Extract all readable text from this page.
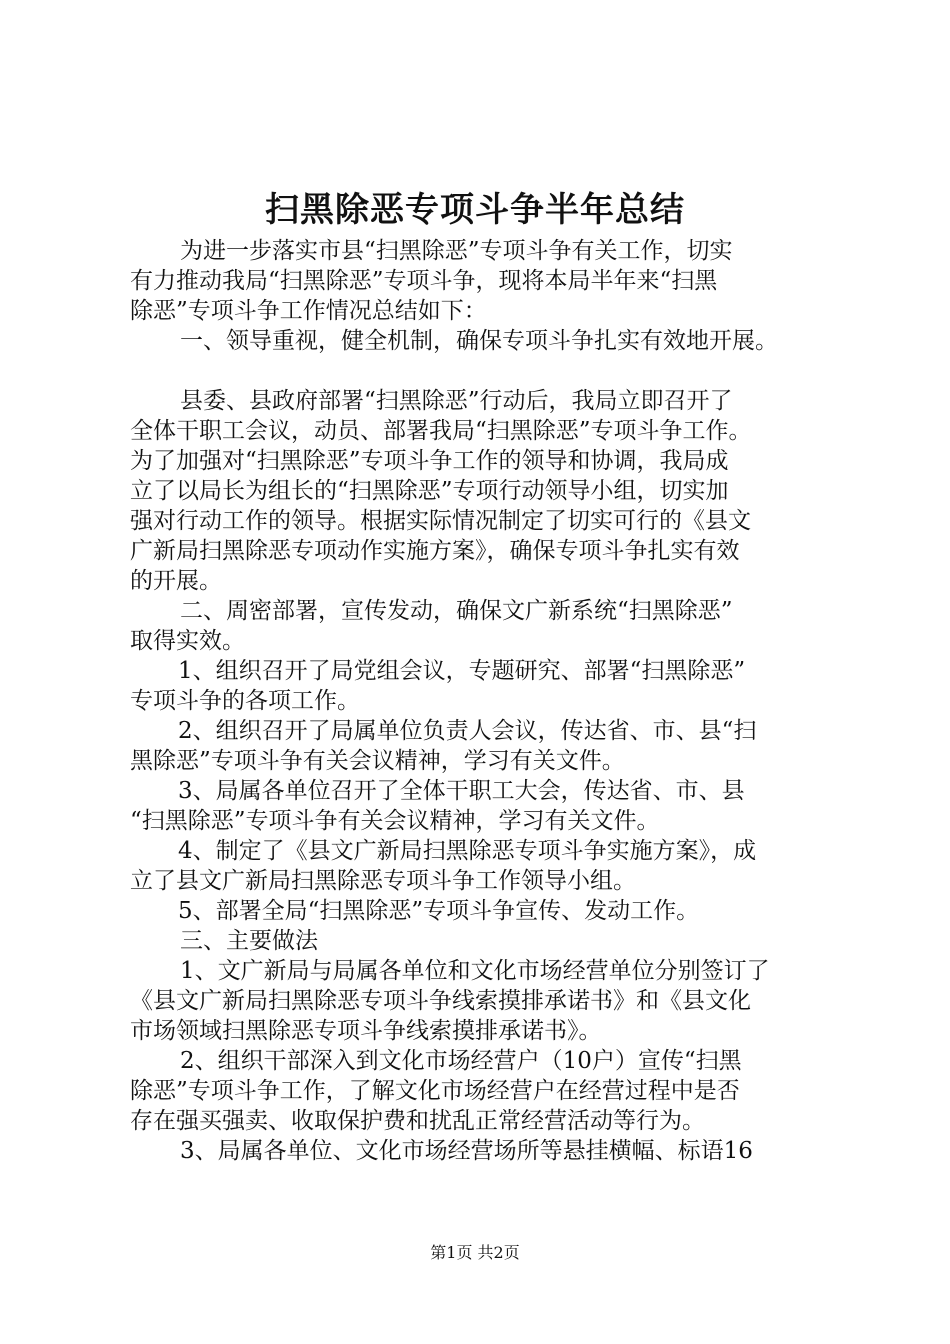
扫黑除恶专项斗争半年总结
为进一步落实市县“扫黑除恶”专项斗争有关工作，切实
有力推动我局“扫黑除恶”专项斗争，现将本局半年来“扫黑
除恶”专项斗争工作情况总结如下：
一、领导重视，健全机制，确保专项斗争扎实有效地开展。
县委、县政府部署“扫黑除恶”行动后，我局立即召开了
全体干职工会议，动员、部署我局“扫黑除恶”专项斗争工作。
为了加强对“扫黑除恶”专项斗争工作的领导和协调，我局成
立了以局长为组长的“扫黑除恶”专项行动领导小组，切实加
强对行动工作的领导。根据实际情况制定了切实可行的《县文
广新局扫黑除恶专项动作实施方案》，确保专项斗争扎实有效
的开展。
二、周密部署，宣传发动，确保文广新系统“扫黑除恶”
取得实效。
1、组织召开了局党组会议，专题研究、部署“扫黑除恶”
专项斗争的各项工作。
2、组织召开了局属单位负责人会议，传达省、市、县“扫
黑除恶”专项斗争有关会议精神，学习有关文件。
3、局属各单位召开了全体干职工大会，传达省、市、县
“扫黑除恶”专项斗争有关会议精神，学习有关文件。
4、制定了《县文广新局扫黑除恶专项斗争实施方案》，成
立了县文广新局扫黑除恶专项斗争工作领导小组。
5、部署全局“扫黑除恶”专项斗争宣传、发动工作。
三、主要做法
1、文广新局与局属各单位和文化市场经营单位分别签订了
《县文广新局扫黑除恶专项斗争线索摸排承诺书》和《县文化
市场领域扫黑除恶专项斗争线索摸排承诺书》。
2、组织干部深入到文化市场经营户（10户）宣传“扫黑
除恶”专项斗争工作，了解文化市场经营户在经营过程中是否
存在强买强卖、收取保护费和扰乱正常经营活动等行为。
3、局属各单位、文化市场经营场所等悬挂横幅、标语16
第1页 共2页
